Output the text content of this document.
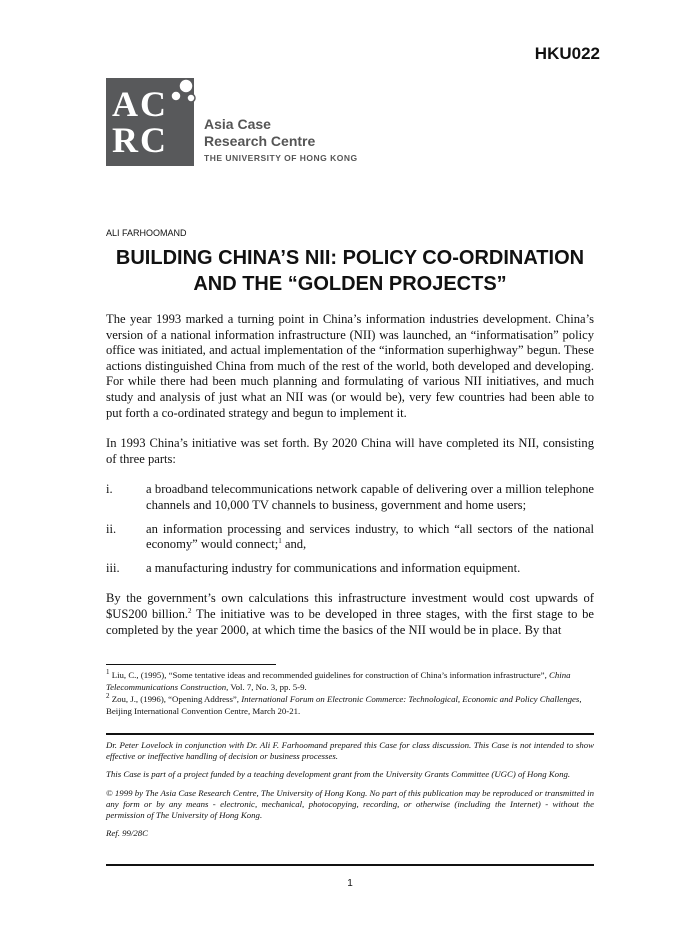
HKU022
AC
RC	Asia Case
Research Centre
THE UNIVERSITY OF HONG KONG
ALI FARHOOMAND
BUILDING CHINA’S NII: POLICY CO-ORDINATION AND THE “GOLDEN PROJECTS”

The year 1993 marked a turning point in China’s information industries development. China’s version of a national information infrastructure (NII) was launched, an “informatisation” policy office was initiated, and actual implementation of the “information superhighway” begun. These actions distinguished China from much of the rest of the world, both developed and developing. For while there had been much planning and formulating of various NII initiatives, and much study and analysis of just what an NII was (or would be), very few countries had been able to put forth a co-ordinated strategy and begun to implement it.

In 1993 China’s initiative was set forth. By 2020 China will have completed its NII, consisting of three parts:

i.	a broadband telecommunications network capable of delivering over a million telephone channels and 10,000 TV channels to business, government and home users;
ii.	an information processing and services industry, to which “all sectors of the national economy” would connect;$^1$ and,
iii.	a manufacturing industry for communications and information equipment.

By the government’s own calculations this infrastructure investment would cost upwards of $US200 billion.$^2$ The initiative was to be developed in three stages, with the first stage to be completed by the year 2000, at which time the basics of the NII would be in place. By that

$^1$ Liu, C., (1995), “Some tentative ideas and recommended guidelines for construction of China’s information infrastructure”, China Telecommunications Construction, Vol. 7, No. 3, pp. 5-9.
$^2$ Zou, J., (1996), “Opening Address”, International Forum on Electronic Commerce: Technological, Economic and Policy Challenges, Beijing International Convention Centre, March 20-21.

Dr. Peter Lovelock in conjunction with Dr. Ali F. Farhoomand prepared this Case for class discussion. This Case is not intended to show effective or ineffective handling of decision or business processes.

This Case is part of a project funded by a teaching development grant from the University Grants Committee (UGC) of Hong Kong.

© 1999 by The Asia Case Research Centre, The University of Hong Kong. No part of this publication may be reproduced or transmitted in any form or by any means - electronic, mechanical, photocopying, recording, or otherwise (including the Internet) - without the permission of The University of Hong Kong.

Ref. 99/28C

1
